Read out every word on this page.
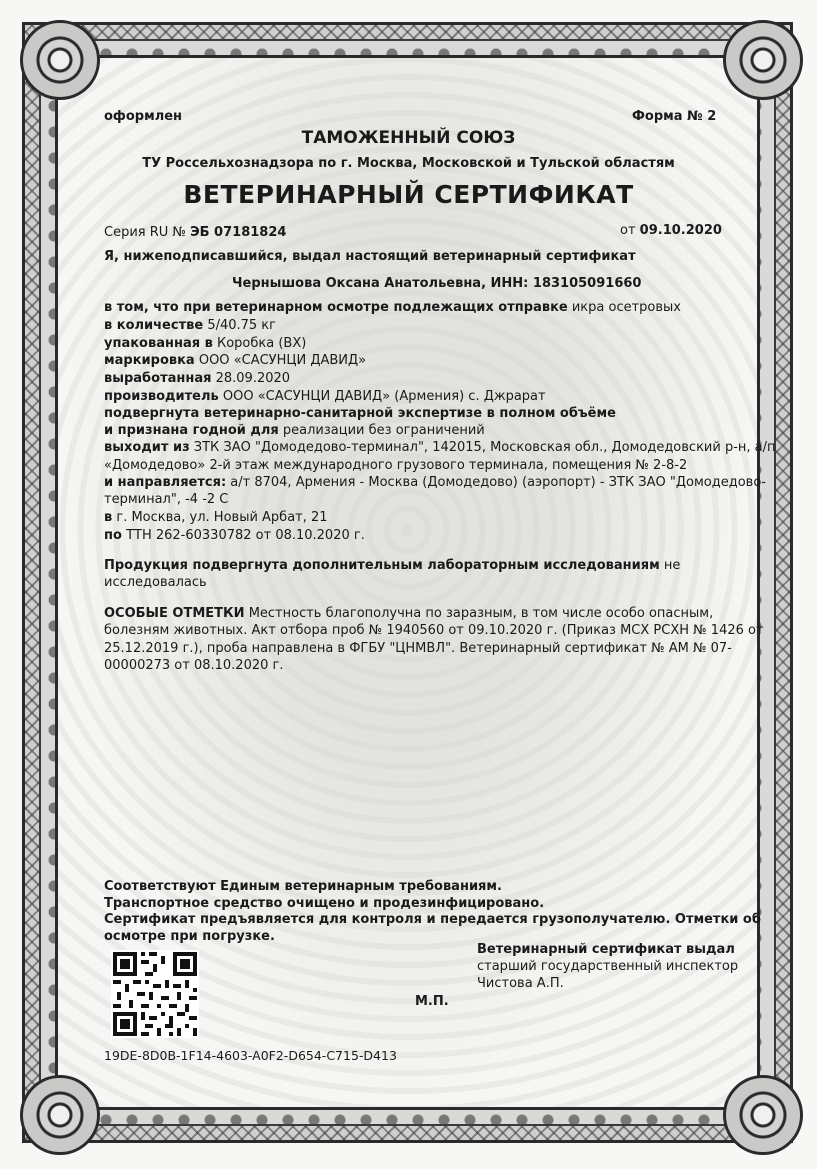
оформлен	Форма № 2
ТАМОЖЕННЫЙ СОЮЗ
ТУ Россельхознадзора по г. Москва, Московской и Тульской областям
ВЕТЕРИНАРНЫЙ СЕРТИФИКАТ
Серия RU № ЭБ 07181824	от 09.10.2020
Я, нижеподписавшийся, выдал настоящий ветеринарный сертификат
Чернышова Оксана Анатольевна, ИНН: 183105091660
в том, что при ветеринарном осмотре подлежащих отправке икра осетровых
в количестве 5/40.75 кг
упакованная в Коробка (ВХ)
маркировка ООО «САСУНЦИ ДАВИД»
выработанная 28.09.2020
производитель ООО «САСУНЦИ ДАВИД» (Армения) с. Джрарат
подвергнута ветеринарно-санитарной экспертизе в полном объёме
и признана годной для реализации без ограничений
выходит из ЗТК ЗАО "Домодедово-терминал", 142015, Московская обл., Домодедовский р-н, а/п
«Домодедово» 2-й этаж международного грузового терминала, помещения № 2-8-2
и направляется: а/т 8704, Армения - Москва (Домодедово) (аэропорт) - ЗТК ЗАО "Домодедово-
терминал", -4 -2 С
в г. Москва, ул. Новый Арбат, 21
по ТТН 262-60330782 от 08.10.2020 г.
Продукция подвергнута дополнительным лабораторным исследованиям не
исследовалась
ОСОБЫЕ ОТМЕТКИ Местность благополучна по заразным, в том числе особо опасным,
болезням животных. Акт отбора проб № 1940560 от 09.10.2020 г. (Приказ МСХ РСХН № 1426 от
25.12.2019 г.), проба направлена в ФГБУ "ЦНМВЛ". Ветеринарный сертификат № АМ № 07-
00000273 от 08.10.2020 г.
Соответствуют Единым ветеринарным требованиям.
Транспортное средство очищено и продезинфицировано.
Сертификат предъявляется для контроля и передается грузополучателю. Отметки об
осмотре при погрузке.
Ветеринарный сертификат выдал
старший государственный инспектор
Чистова А.П.
М.П.
19DE-8D0B-1F14-4603-A0F2-D654-C715-D413
